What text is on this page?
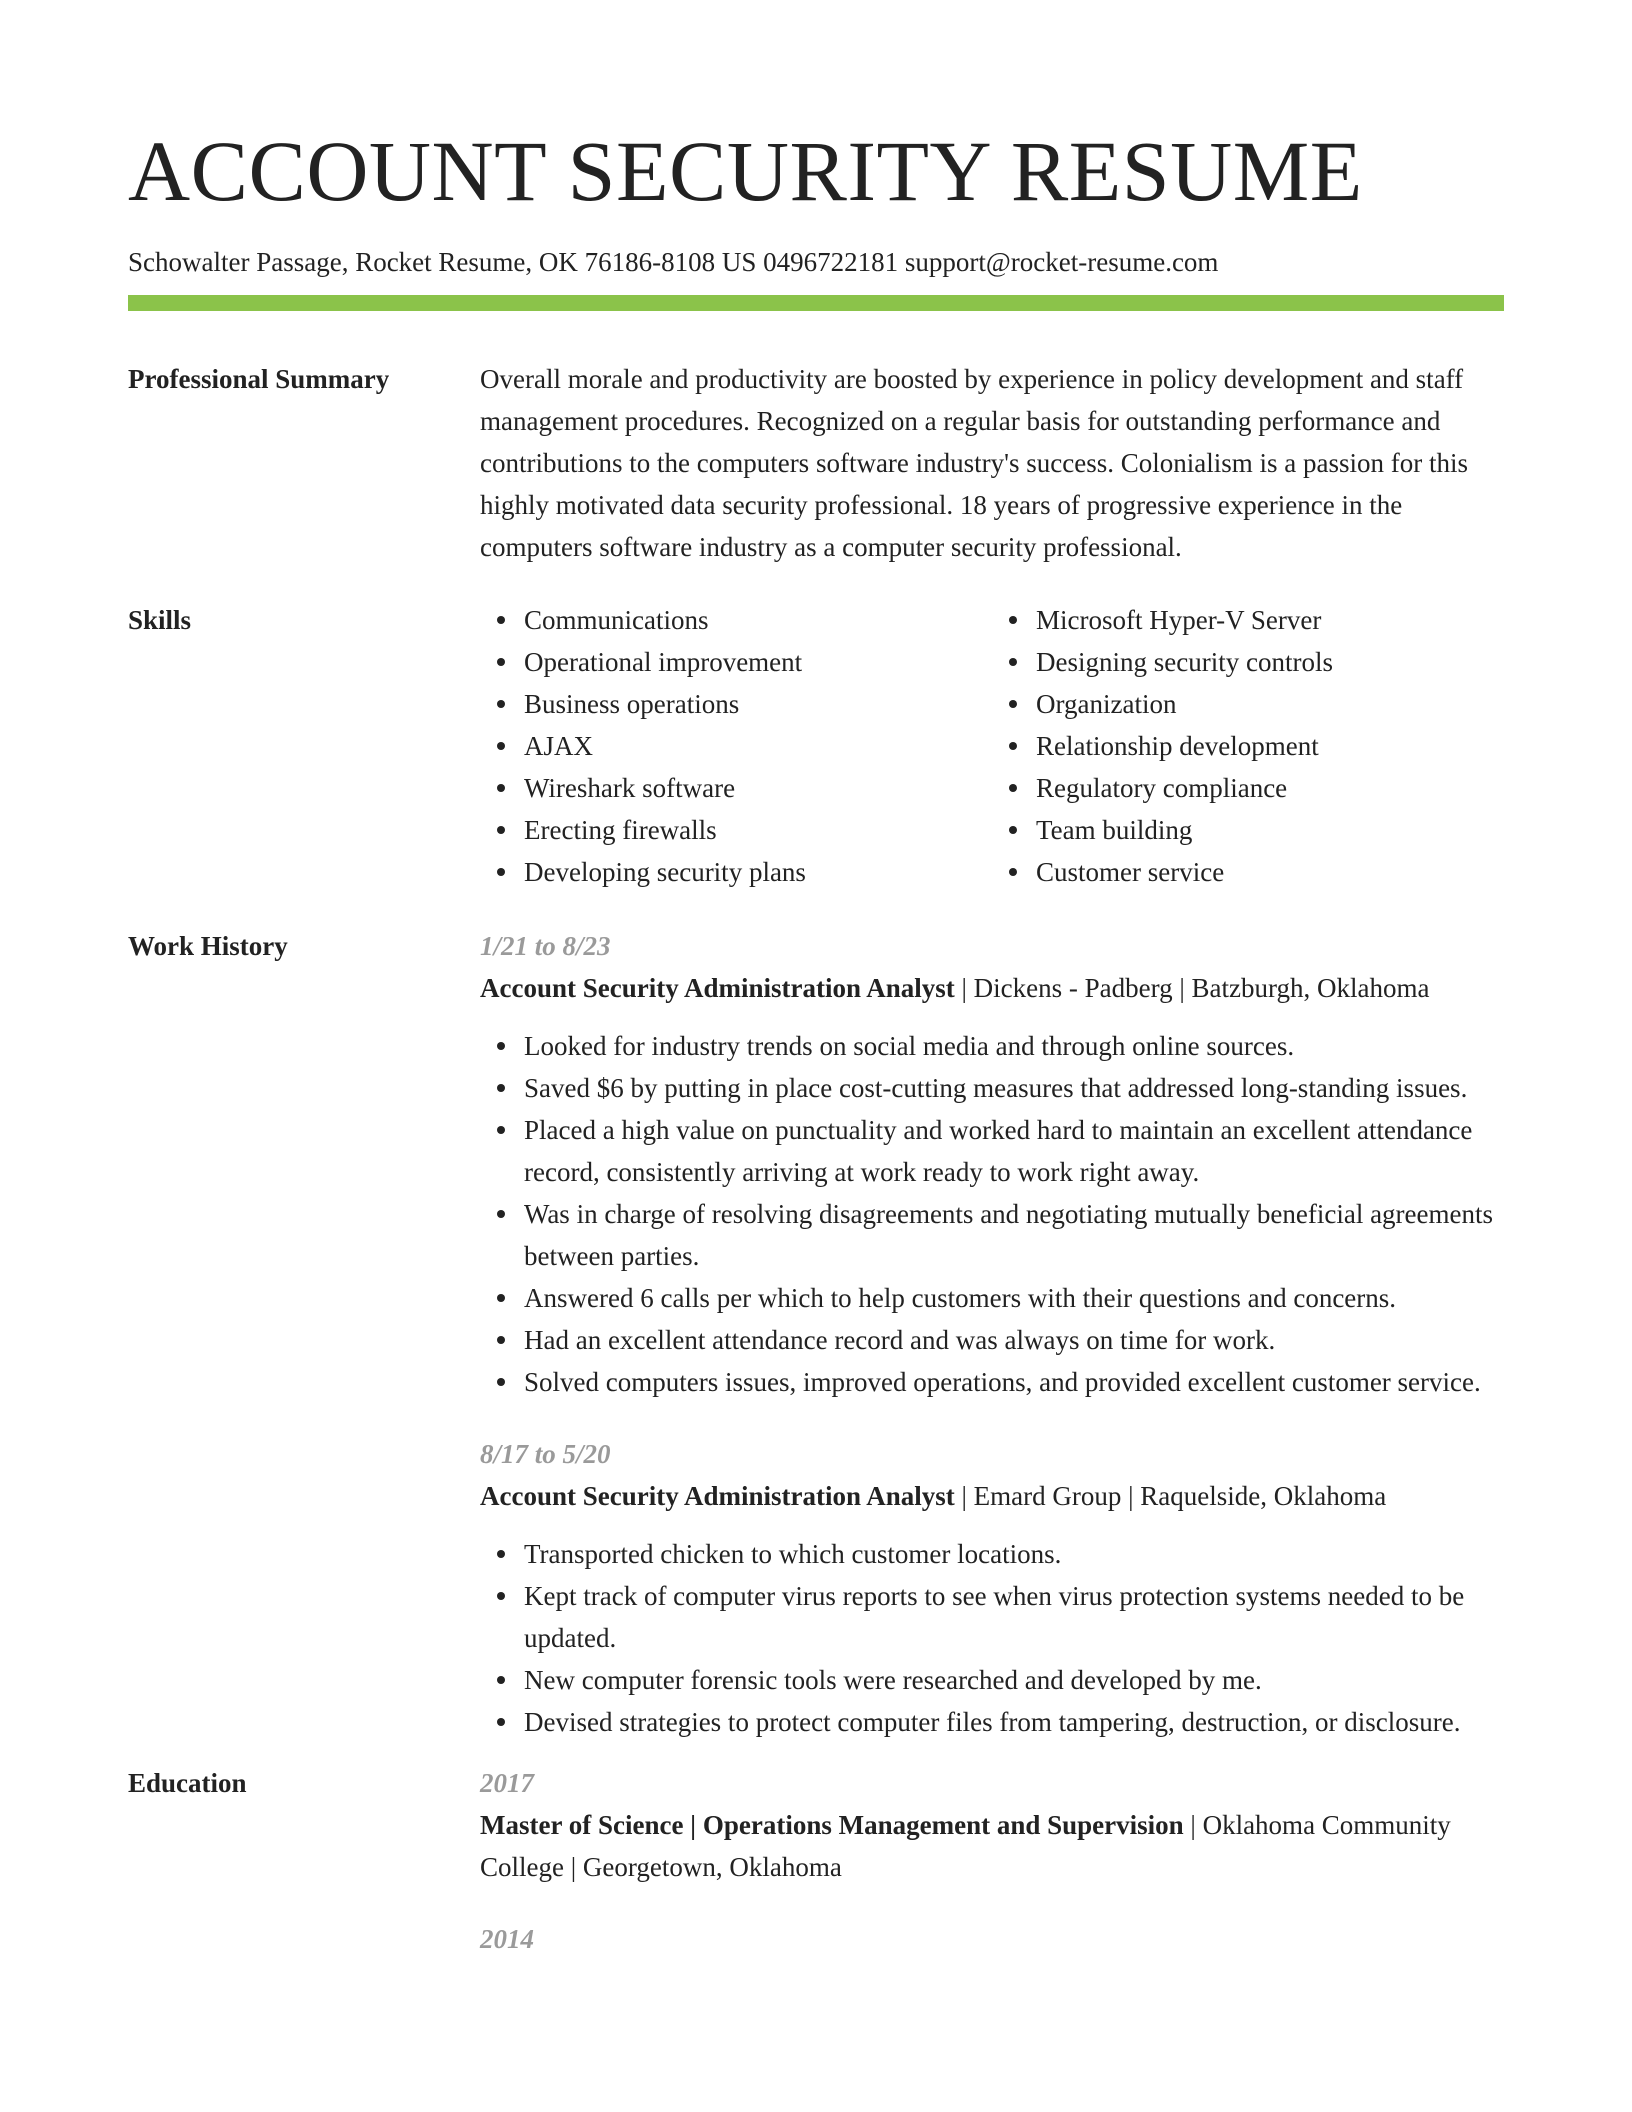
ACCOUNT SECURITY RESUME
Schowalter Passage, Rocket Resume, OK 76186-8108 US 0496722181 support@rocket-resume.com
Professional Summary	Overall morale and productivity are boosted by experience in policy development and staff management procedures. Recognized on a regular basis for outstanding performance and contributions to the computers software industry's success. Colonialism is a passion for this highly motivated data security professional. 18 years of progressive experience in the computers software industry as a computer security professional.
Skills	Communications
Operational improvement
Business operations
AJAX
Wireshark software
Erecting firewalls
Developing security plans
Microsoft Hyper-V Server
Designing security controls
Organization
Relationship development
Regulatory compliance
Team building
Customer service
Work History	1/21 to 8/23
Account Security Administration Analyst | Dickens - Padberg | Batzburgh, Oklahoma
Looked for industry trends on social media and through online sources.
Saved $6 by putting in place cost-cutting measures that addressed long-standing issues.
Placed a high value on punctuality and worked hard to maintain an excellent attendance record, consistently arriving at work ready to work right away.
Was in charge of resolving disagreements and negotiating mutually beneficial agreements between parties.
Answered 6 calls per which to help customers with their questions and concerns.
Had an excellent attendance record and was always on time for work.
Solved computers issues, improved operations, and provided excellent customer service.
8/17 to 5/20
Account Security Administration Analyst | Emard Group | Raquelside, Oklahoma
Transported chicken to which customer locations.
Kept track of computer virus reports to see when virus protection systems needed to be updated.
New computer forensic tools were researched and developed by me.
Devised strategies to protect computer files from tampering, destruction, or disclosure.
Education	2017
Master of Science | Operations Management and Supervision | Oklahoma Community College | Georgetown, Oklahoma
2014
